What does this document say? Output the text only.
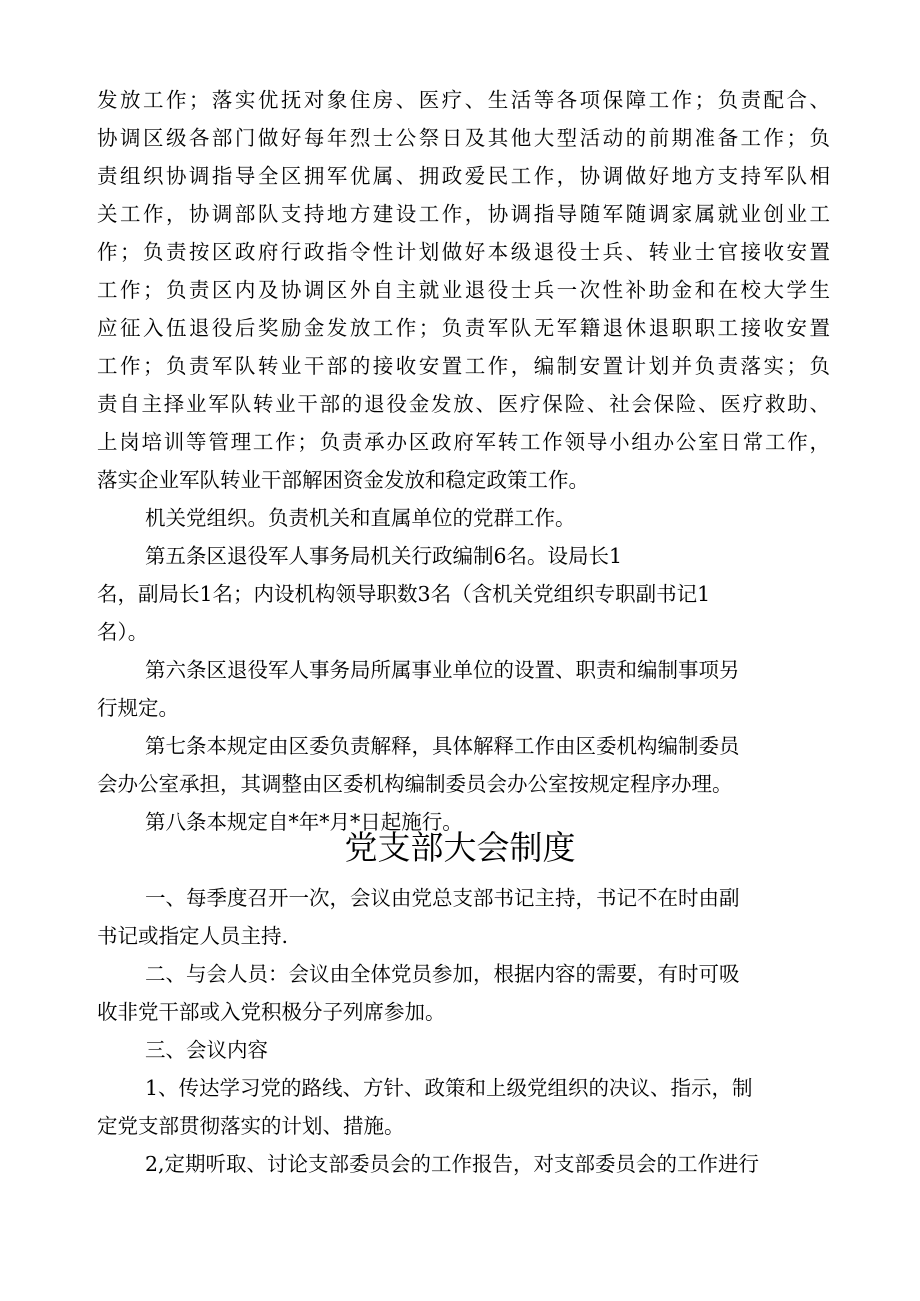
发放工作；落实优抚对象住房、医疗、生活等各项保障工作；负责配合、
协调区级各部门做好每年烈士公祭日及其他大型活动的前期准备工作；负
责组织协调指导全区拥军优属、拥政爱民工作，协调做好地方支持军队相
关工作，协调部队支持地方建设工作，协调指导随军随调家属就业创业工
作；负责按区政府行政指令性计划做好本级退役士兵、转业士官接收安置
工作；负责区内及协调区外自主就业退役士兵一次性补助金和在校大学生
应征入伍退役后奖励金发放工作；负责军队无军籍退休退职职工接收安置
工作；负责军队转业干部的接收安置工作，编制安置计划并负责落实；负
责自主择业军队转业干部的退役金发放、医疗保险、社会保险、医疗救助、
上岗培训等管理工作；负责承办区政府军转工作领导小组办公室日常工作，
落实企业军队转业干部解困资金发放和稳定政策工作。
机关党组织。负责机关和直属单位的党群工作。
第五条区退役军人事务局机关行政编制6名。设局长1
名，副局长1名；内设机构领导职数3名（含机关党组织专职副书记1
名）。
第六条区退役军人事务局所属事业单位的设置、职责和编制事项另
行规定。
第七条本规定由区委负责解释，具体解释工作由区委机构编制委员
会办公室承担，其调整由区委机构编制委员会办公室按规定程序办理。
第八条本规定自*年*月*日起施行。
党支部大会制度
一、每季度召开一次，会议由党总支部书记主持，书记不在时由副
书记或指定人员主持.
二、与会人员：会议由全体党员参加，根据内容的需要，有时可吸
收非党干部或入党积极分子列席参加。
三、会议内容
1、传达学习党的路线、方针、政策和上级党组织的决议、指示，制
定党支部贯彻落实的计划、措施。
2,定期听取、讨论支部委员会的工作报告，对支部委员会的工作进行
